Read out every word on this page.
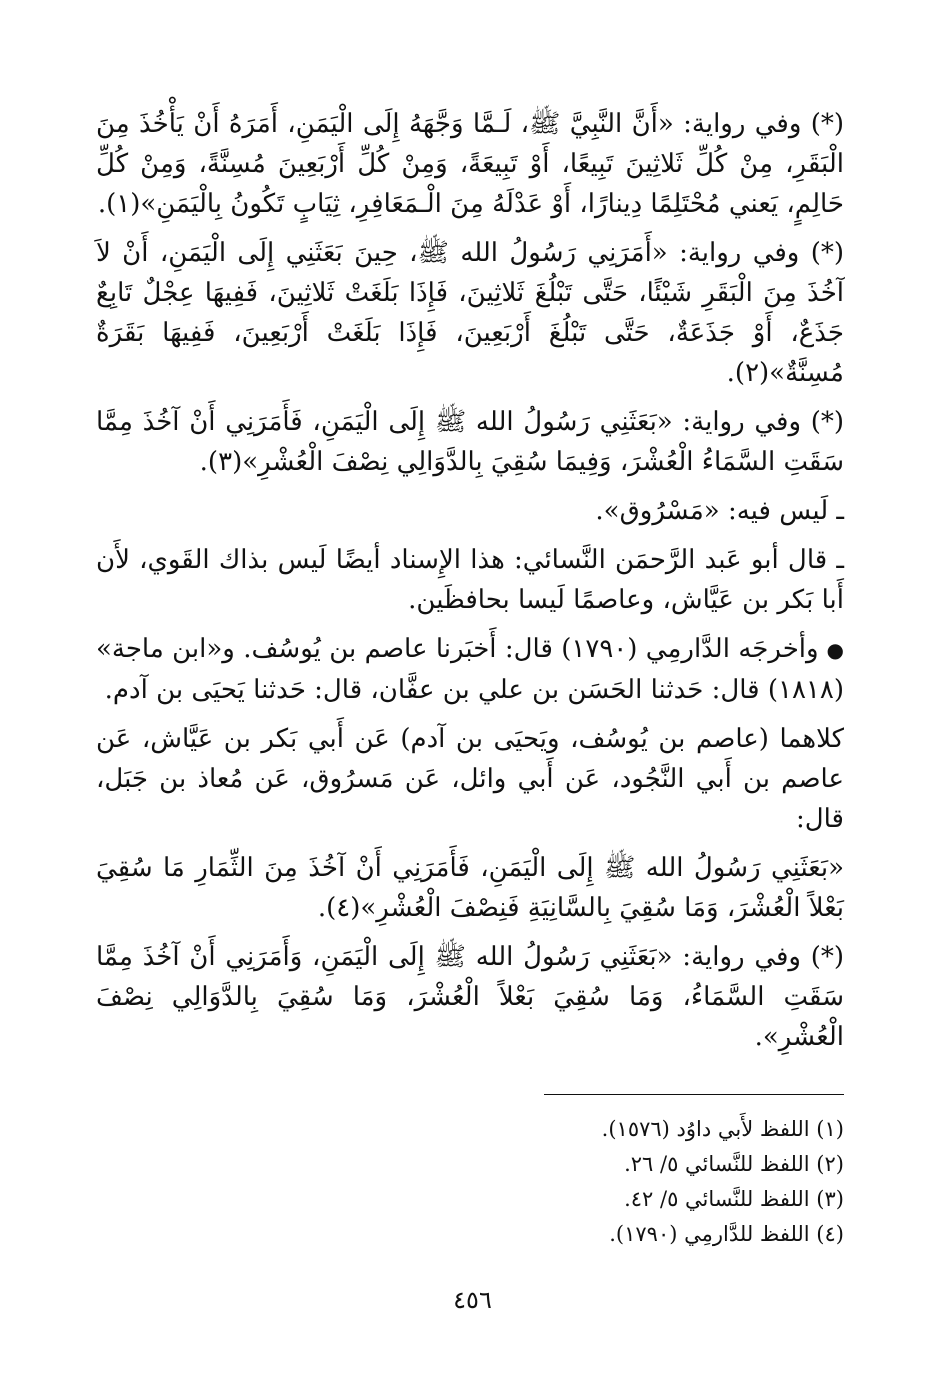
(*) وفي رواية: «أَنَّ النَّبِيَّ ﷺ، لَـمَّا وَجَّهَهُ إِلَى الْيَمَنِ، أَمَرَهُ أَنْ يَأْخُذَ مِنَ الْبَقَرِ، مِنْ كُلِّ ثَلاثِينَ تَبِيعًا، أَوْ تَبِيعَةً، وَمِنْ كُلِّ أَرْبَعِينَ مُسِنَّةً، وَمِنْ كُلِّ حَالِمٍ، يَعني مُحْتَلِمًا دِينارًا، أَوْ عَدْلَهُ مِنَ الْـمَعَافِرِ، ثِيَابٍ تَكُونُ بِالْيَمَنِ»(١).

(*) وفي رواية: «أَمَرَنِي رَسُولُ الله ﷺ، حِينَ بَعَثَنِي إِلَى الْيَمَنِ، أَنْ لاَ آخُذَ مِنَ الْبَقَرِ شَيْئًا، حَتَّى تَبْلُغَ ثَلاثِينَ، فَإِذَا بَلَغَتْ ثَلاثِينَ، فَفِيهَا عِجْلٌ تَابِعٌ جَذَعٌ، أَوْ جَذَعَةٌ، حَتَّى تَبْلُغَ أَرْبَعِينَ، فَإِذَا بَلَغَتْ أَرْبَعِينَ، فَفِيهَا بَقَرَةٌ مُسِنَّةٌ»(٢).

(*) وفي رواية: «بَعَثَنِي رَسُولُ الله ﷺ إِلَى الْيَمَنِ، فَأَمَرَنِي أَنْ آخُذَ مِمَّا سَقَتِ السَّمَاءُ الْعُشْرَ، وَفِيمَا سُقِيَ بِالدَّوَالِي نِصْفَ الْعُشْرِ»(٣).

ـ لَيس فيه: «مَسْرُوق».

ـ قال أبو عَبد الرَّحمَن النَّسائي: هذا الإِسناد أيضًا لَيس بذاك القَوي، لأَن أَبا بَكر بن عَيَّاش، وعاصمًا لَيسا بحافظَين.

●وأخرجَه الدَّارمِي (١٧٩٠) قال: أَخبَرنا عاصم بن يُوسُف. و«ابن ماجة» (١٨١٨) قال: حَدثنا الحَسَن بن علي بن عفَّان، قال: حَدثنا يَحيَى بن آدم.

كلاهما (عاصم بن يُوسُف، ويَحيَى بن آدم) عَن أَبي بَكر بن عَيَّاش، عَن عاصم بن أَبي النَّجُود، عَن أَبي وائل، عَن مَسرُوق، عَن مُعاذ بن جَبَل، قال:

«بَعَثَنِي رَسُولُ الله ﷺ إِلَى الْيَمَنِ، فَأَمَرَنِي أَنْ آخُذَ مِنَ الثِّمَارِ مَا سُقِيَ بَعْلاً الْعُشْرَ، وَمَا سُقِيَ بِالسَّانِيَةِ فَنِصْفَ الْعُشْرِ»(٤).

(*) وفي رواية: «بَعَثَنِي رَسُولُ الله ﷺ إِلَى الْيَمَنِ، وَأَمَرَنِي أَنْ آخُذَ مِمَّا سَقَتِ السَّمَاءُ، وَمَا سُقِيَ بَعْلاً الْعُشْرَ، وَمَا سُقِيَ بِالدَّوَالِي نِصْفَ الْعُشْرِ».

(١) اللفظ لأَبي داوُد (١٥٧٦).
(٢) اللفظ للنَّسائي ٥/ ٢٦.
(٣) اللفظ للنَّسائي ٥/ ٤٢.
(٤) اللفظ للدَّارمِي (١٧٩٠).
٤٥٦
